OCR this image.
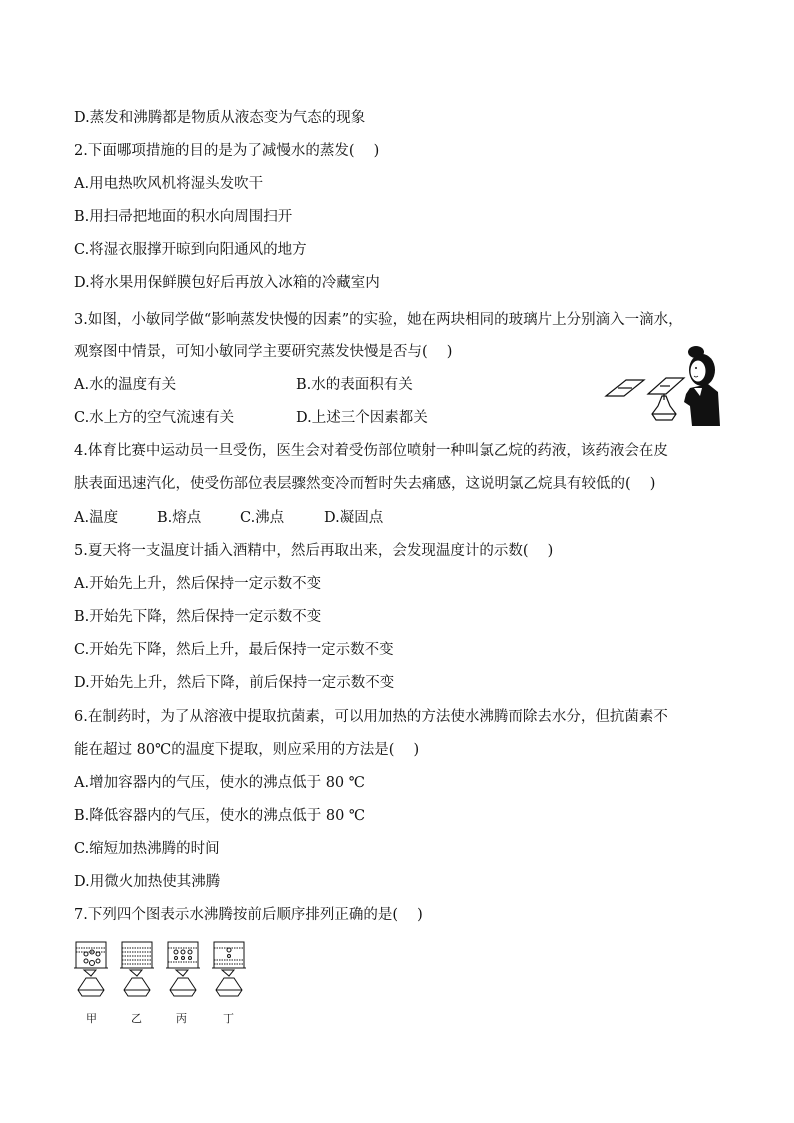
D.蒸发和沸腾都是物质从液态变为气态的现象
2.下面哪项措施的目的是为了减慢水的蒸发(　 )
A.用电热吹风机将湿头发吹干
B.用扫帚把地面的积水向周围扫开
C.将湿衣服撑开晾到向阳通风的地方
D.将水果用保鲜膜包好后再放入冰箱的冷藏室内
3.如图，小敏同学做“影响蒸发快慢的因素”的实验，她在两块相同的玻璃片上分别滴入一滴水，
观察图中情景，可知小敏同学主要研究蒸发快慢是否与(　 )
A.水的温度有关	B.水的表面积有关
C.水上方的空气流速有关	D.上述三个因素都关
4.体育比赛中运动员一旦受伤，医生会对着受伤部位喷射一种叫氯乙烷的药液，该药液会在皮
肤表面迅速汽化，使受伤部位表层骤然变冷而暂时失去痛感，这说明氯乙烷具有较低的(　 )
A.温度	B.熔点	C.沸点	D.凝固点
5.夏天将一支温度计插入酒精中，然后再取出来，会发现温度计的示数(　 )
A.开始先上升，然后保持一定示数不变
B.开始先下降，然后保持一定示数不变
C.开始先下降，然后上升，最后保持一定示数不变
D.开始先上升，然后下降，前后保持一定示数不变
6.在制药时，为了从溶液中提取抗菌素，可以用加热的方法使水沸腾而除去水分，但抗菌素不
能在超过 80℃的温度下提取，则应采用的方法是(　 )
A.增加容器内的气压，使水的沸点低于 80 ℃
B.降低容器内的气压，使水的沸点低于 80 ℃
C.缩短加热沸腾的时间
D.用微火加热使其沸腾
7.下列四个图表示水沸腾按前后顺序排列正确的是(　 )
甲	乙	丙	丁
